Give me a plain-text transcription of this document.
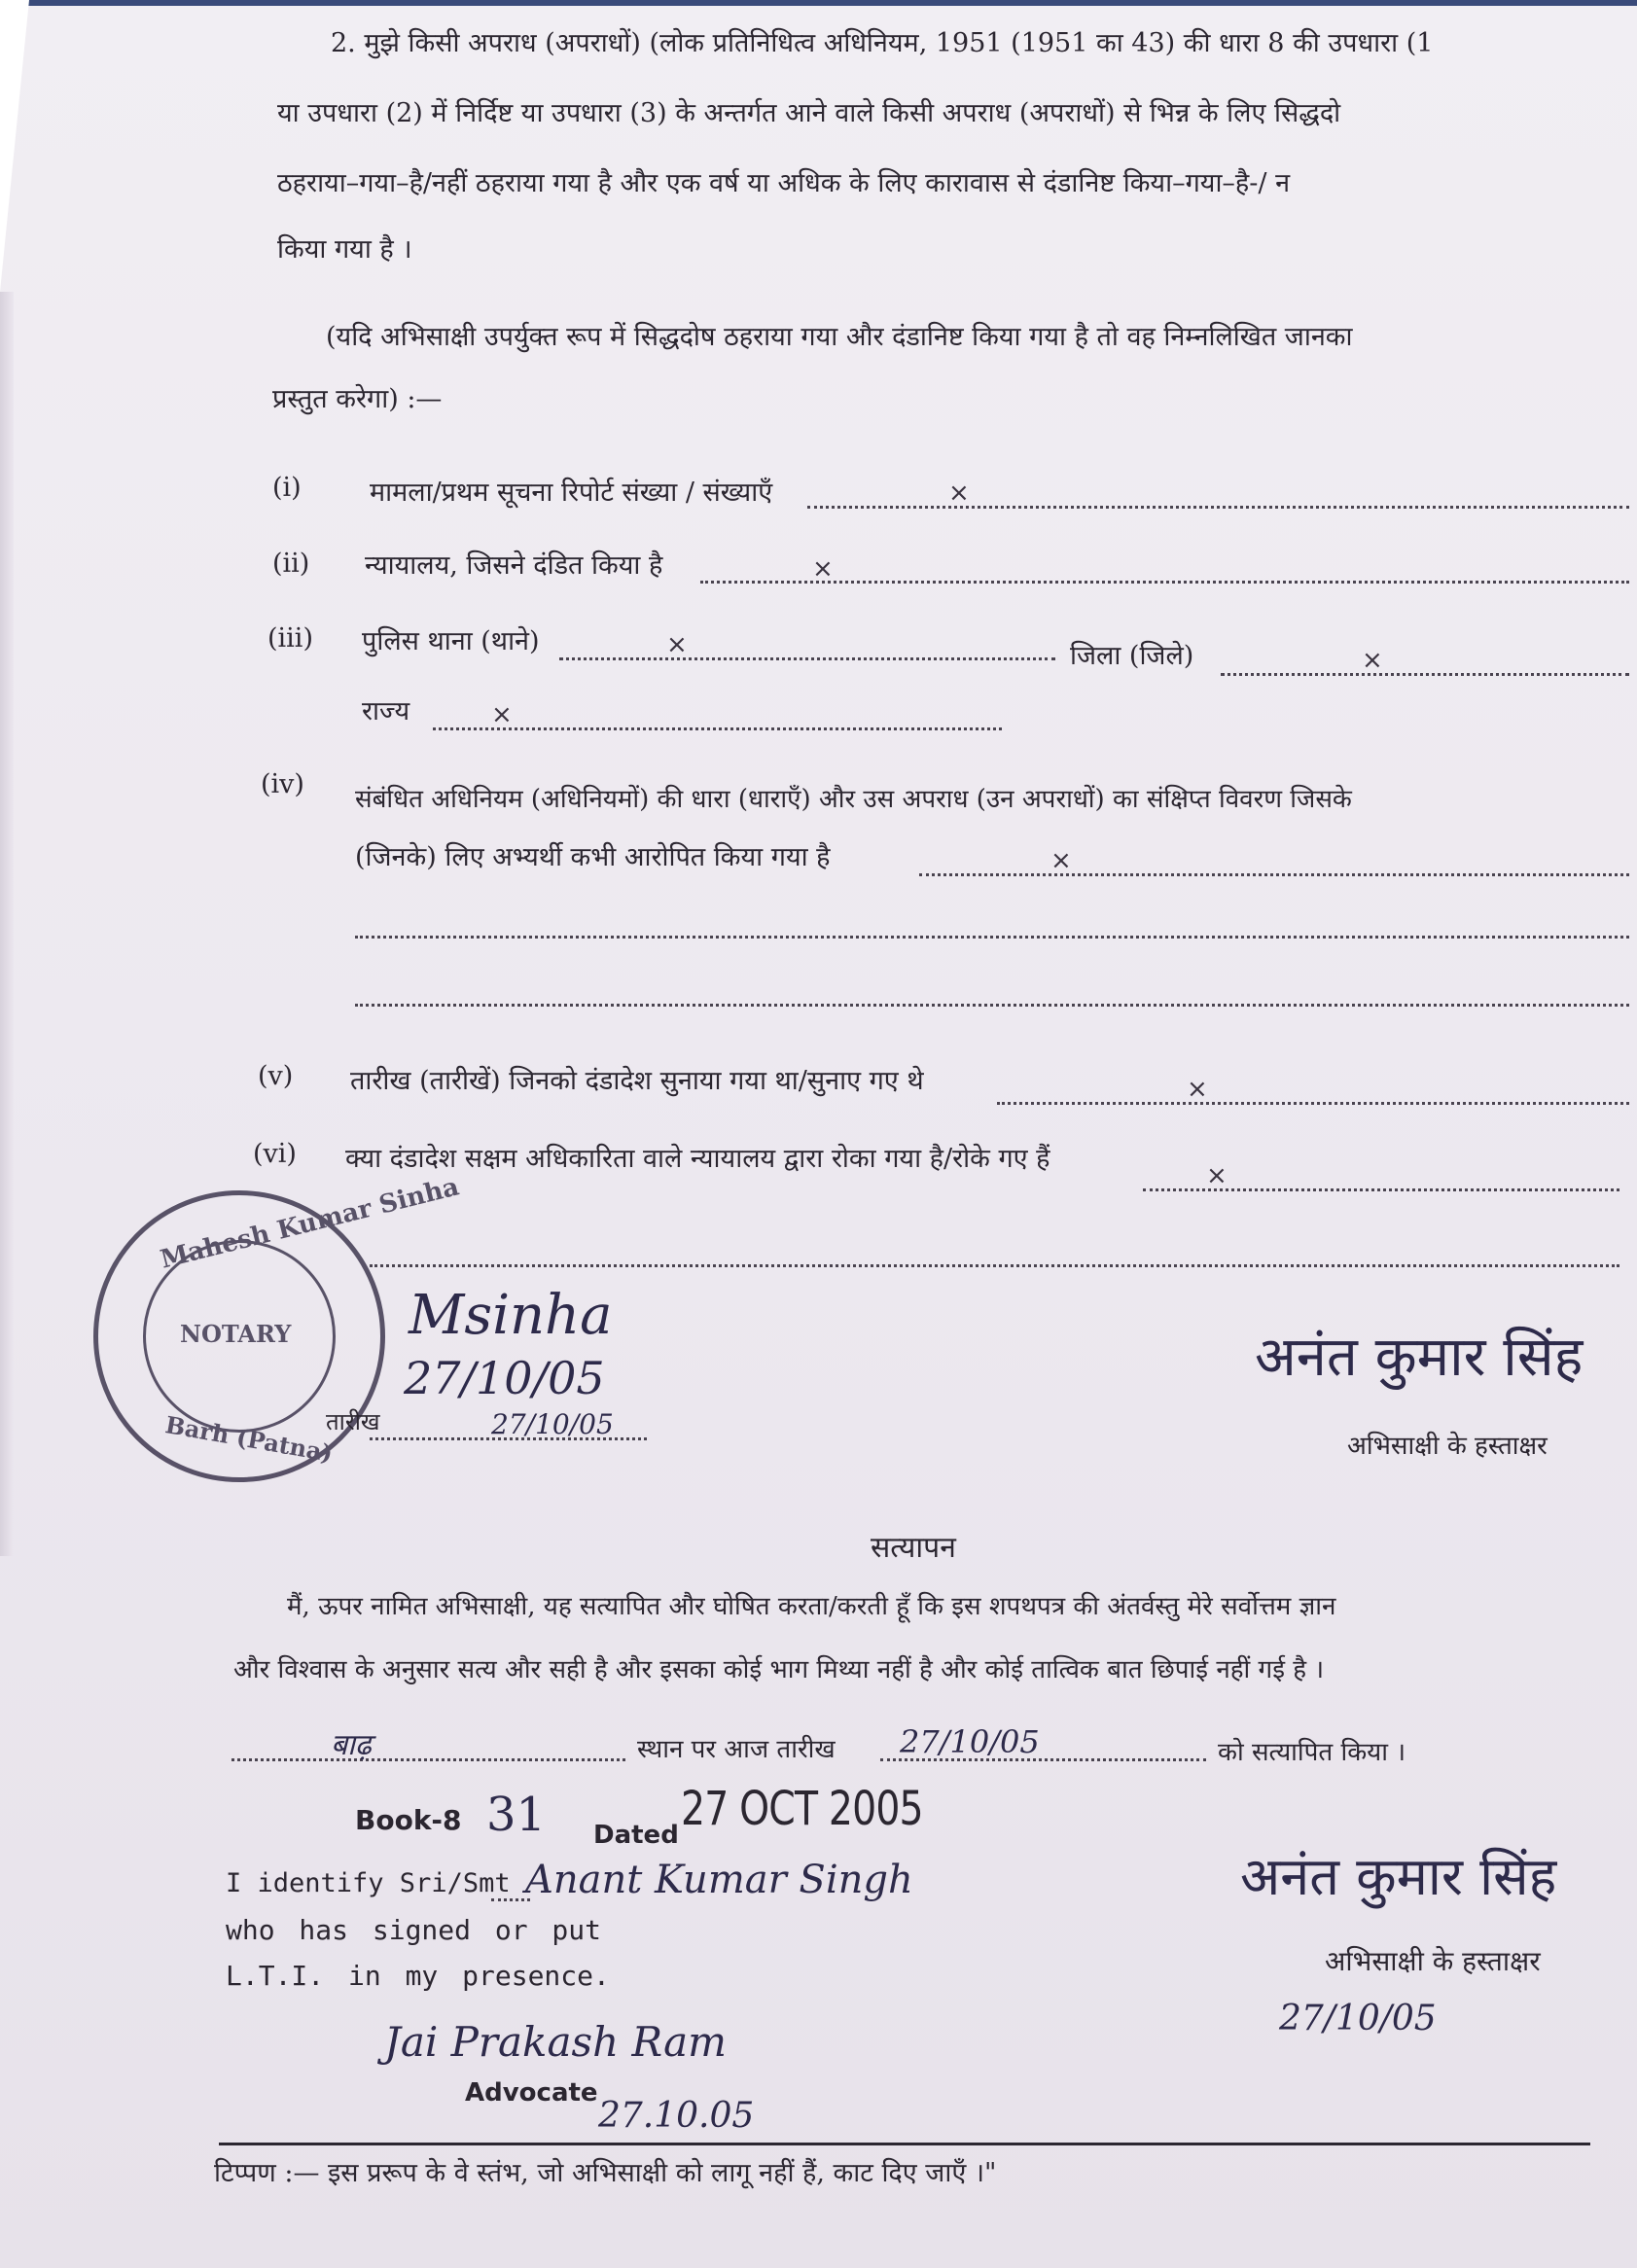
2. मुझे किसी अपराध (अपराधों) (लोक प्रतिनिधित्व अधिनियम, 1951 (1951 का 43) की धारा 8 की उपधारा (1
या उपधारा (2) में निर्दिष्ट या उपधारा (3) के अन्तर्गत आने वाले किसी अपराध (अपराधों) से भिन्न के लिए सिद्धदो
ठहराया–गया–है/नहीं ठहराया गया है और एक वर्ष या अधिक के लिए कारावास से दंडानिष्ट किया–गया–है-/ न
किया गया है ।
(यदि अभिसाक्षी उपर्युक्त रूप में सिद्धदोष ठहराया गया और दंडानिष्ट किया गया है तो वह निम्नलिखित जानका
प्रस्तुत करेगा) :—
(i)	मामला/प्रथम सूचना रिपोर्ट संख्या / संख्याएँ	×
(ii) न्यायालय, जिसने दंडित किया है	×
(iii) पुलिस थाना (थाने)	×	जिला (जिले)	×
राज्य	×
(iv) संबंधित अधिनियम (अधिनियमों) की धारा (धाराएँ) और उस अपराध (उन अपराधों) का संक्षिप्त विवरण जिसके
(जिनके) लिए अभ्यर्थी कभी आरोपित किया गया है	×
(v) तारीख (तारीखें) जिनको दंडादेश सुनाया गया था/सुनाए गए थे	×
(vi) क्या दंडादेश सक्षम अधिकारिता वाले न्यायालय द्वारा रोका गया है/रोके गए हैं
×
Mahesh Kumar Sinha
NOTARY
Barh (Patna)
Msinha
27/10/05
तारीख	27/10/05
अनंत कुमार सिंह
अभिसाक्षी के हस्ताक्षर
सत्यापन
मैं, ऊपर नामित अभिसाक्षी, यह सत्यापित और घोषित करता/करती हूँ कि इस शपथपत्र की अंतर्वस्तु मेरे सर्वोत्तम ज्ञान
और विश्वास के अनुसार सत्य और सही है और इसका कोई भाग मिथ्या नहीं है और कोई तात्विक बात छिपाई नहीं गई है ।
बाढ़	स्थान पर आज तारीख 27/10/05	को सत्यापित किया ।
Book-8 31 Dated 27 OCT 2005
I identify Sri/Smt Anant Kumar Singh
who has signed or put
L.T.I. in my presence.
Jai Prakash Ram
Advocate
27.10.05
अनंत कुमार सिंह
अभिसाक्षी के हस्ताक्षर
27/10/05
टिप्पण :— इस प्ररूप के वे स्तंभ, जो अभिसाक्षी को लागू नहीं हैं, काट दिए जाएँ ।"
